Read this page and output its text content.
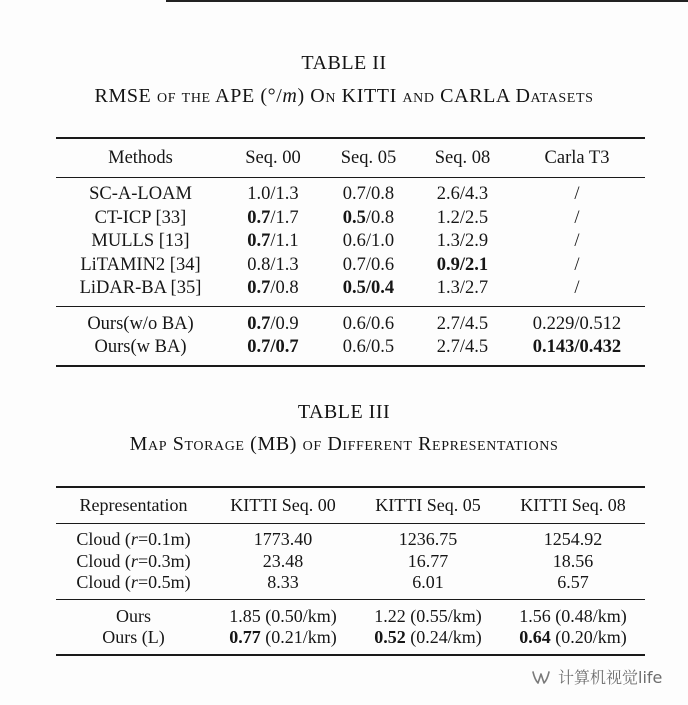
TABLE II
RMSE of the APE (°/m) On KITTI and CARLA Datasets
Methods	Seq. 00	Seq. 05	Seq. 08	Carla T3
SC-A-LOAM	1.0/1.3	0.7/0.8	2.6/4.3	/
CT-ICP [33]	0.7/1.7	0.5/0.8	1.2/2.5	/
MULLS [13]	0.7/1.1	0.6/1.0	1.3/2.9	/
LiTAMIN2 [34]	0.8/1.3	0.7/0.6	0.9/2.1	/
LiDAR-BA [35]	0.7/0.8	0.5/0.4	1.3/2.7	/
Ours(w/o BA)	0.7/0.9	0.6/0.6	2.7/4.5	0.229/0.512
Ours(w BA)	0.7/0.7	0.6/0.5	2.7/4.5	0.143/0.432
TABLE III
Map Storage (MB) of Different Representations
Representation	KITTI Seq. 00	KITTI Seq. 05	KITTI Seq. 08
Cloud (r=0.1m)	1773.40	1236.75	1254.92
Cloud (r=0.3m)	23.48	16.77	18.56
Cloud (r=0.5m)	8.33	6.01	6.57
Ours	1.85 (0.50/km)	1.22 (0.55/km)	1.56 (0.48/km)
Ours (L)	0.77 (0.21/km)	0.52 (0.24/km)	0.64 (0.20/km)
计算机视觉life
